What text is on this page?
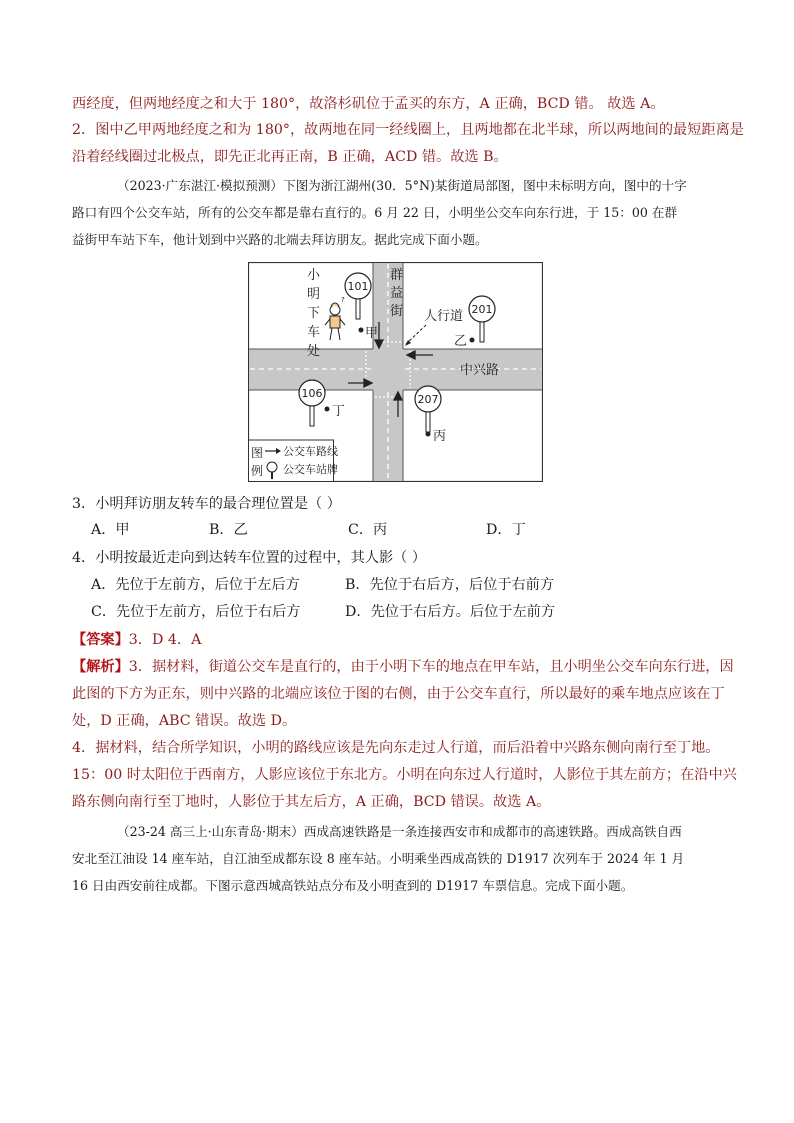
西经度，但两地经度之和大于 180°，故洛杉矶位于孟买的东方，A 正确，BCD 错。 故选 A。
2．图中乙甲两地经度之和为 180°，故两地在同一经线圈上，且两地都在北半球，所以两地间的最短距离是
沿着经线圈过北极点，即先正北再正南，B 正确，ACD 错。故选 B。
（2023·广东湛江·模拟预测）下图为浙江湖州(30．5°N)某街道局部图，图中未标明方向，图中的十字
路口有四个公交车站，所有的公交车都是靠右直行的。6 月 22 日，小明坐公交车向东行进，于 15：00 在群
益街甲车站下车，他计划到中兴路的北端去拜访朋友。据此完成下面小题。
101
甲
201
乙
106
丁
207
丙
?
小
明
下
车
处
群
益
街 人行道
中兴路
图
例
公交车路线
公交车站牌
3．小明拜访朋友转车的最合理位置是（ ）
A．甲	B．乙	C．丙	D．丁
4．小明按最近走向到达转车位置的过程中，其人影（ ）
A．先位于左前方，后位于左后方	B．先位于右后方，后位于右前方
C．先位于左前方，后位于右后方	D．先位于右后方。后位于左前方
【答案】3．D 4．A
【解析】3．据材料，街道公交车是直行的，由于小明下车的地点在甲车站，且小明坐公交车向东行进，因
此图的下方为正东，则中兴路的北端应该位于图的右侧，由于公交车直行，所以最好的乘车地点应该在丁
处，D 正确，ABC 错误。故选 D。
4．据材料，结合所学知识，小明的路线应该是先向东走过人行道，而后沿着中兴路东侧向南行至丁地。
15：00 时太阳位于西南方，人影应该位于东北方。小明在向东过人行道时，人影位于其左前方；在沿中兴
路东侧向南行至丁地时，人影位于其左后方，A 正确，BCD 错误。故选 A。
（23-24 高三上·山东青岛·期末）西成高速铁路是一条连接西安市和成都市的高速铁路。西成高铁自西
安北至江油设 14 座车站，自江油至成都东设 8 座车站。小明乘坐西成高铁的 D1917 次列车于 2024 年 1 月
16 日由西安前往成都。下图示意西城高铁站点分布及小明查到的 D1917 车票信息。完成下面小题。
